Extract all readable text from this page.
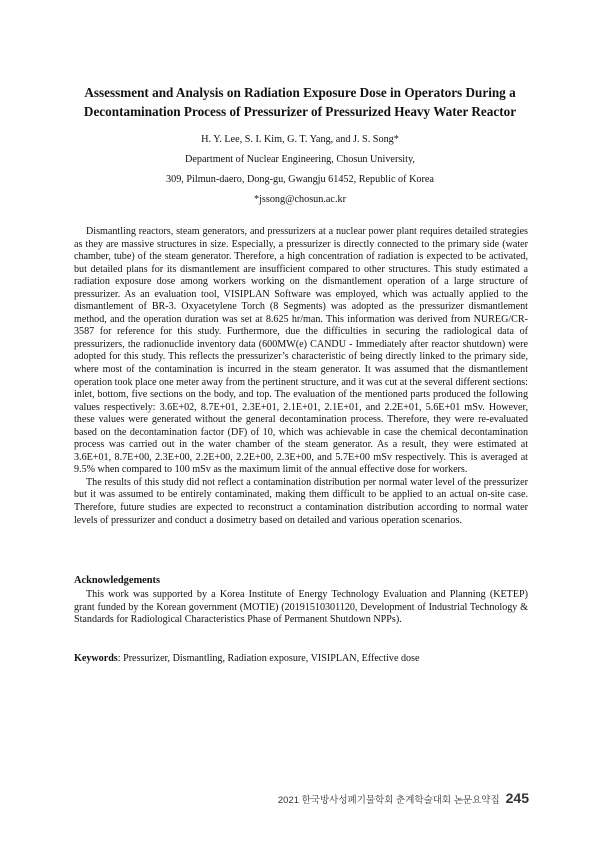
Assessment and Analysis on Radiation Exposure Dose in Operators During a
Decontamination Process of Pressurizer of Pressurized Heavy Water Reactor
H. Y. Lee, S. I. Kim, G. T. Yang, and J. S. Song*
Department of Nuclear Engineering, Chosun University,
309, Pilmun-daero, Dong-gu, Gwangju 61452, Republic of Korea
*jssong@chosun.ac.kr

Dismantling reactors, steam generators, and pressurizers at a nuclear power plant requires detailed strategies as they are massive structures in size. Especially, a pressurizer is directly connected to the primary side (water chamber, tube) of the steam generator. Therefore, a high concentration of radiation is expected to be activated, but detailed plans for its dismantlement are insufficient compared to other structures. This study estimated a radiation exposure dose among workers working on the dismantlement operation of a large structure of pressurizer. As an evaluation tool, VISIPLAN Software was employed, which was actually applied to the dismantlement of BR-3. Oxyacetylene Torch (8 Segments) was adopted as the pressurizer dismantlement method, and the operation duration was set at 8.625 hr/man. This information was derived from NUREG/CR-3587 for reference for this study. Furthermore, due the difficulties in securing the radiological data of pressurizers, the radionuclide inventory data (600MW(e) CANDU - Immediately after reactor shutdown) were adopted for this study. This reflects the pressurizer’s characteristic of being directly linked to the primary side, where most of the contamination is incurred in the steam generator. It was assumed that the dismantlement operation took place one meter away from the pertinent structure, and it was cut at the several different sections: inlet, bottom, five sections on the body, and top. The evaluation of the mentioned parts produced the following values respectively: 3.6E+02, 8.7E+01, 2.3E+01, 2.1E+01, 2.1E+01, and 2.2E+01, 5.6E+01 mSv. However, these values were generated without the general decontamination process. Therefore, they were re-evaluated based on the decontamination factor (DF) of 10, which was achievable in case the chemical decontamination process was carried out in the water chamber of the steam generator. As a result, they were estimated at 3.6E+01, 8.7E+00, 2.3E+00, 2.2E+00, 2.2E+00, 2.3E+00, and 5.7E+00 mSv respectively. This is averaged at 9.5% when compared to 100 mSv as the maximum limit of the annual effective dose for workers.

The results of this study did not reflect a contamination distribution per normal water level of the pressurizer but it was assumed to be entirely contaminated, making them difficult to be applied to an actual on-site case. Therefore, future studies are expected to reconstruct a contamination distribution according to normal water levels of pressurizer and conduct a dosimetry based on detailed and various operation scenarios.

Acknowledgements
This work was supported by a Korea Institute of Energy Technology Evaluation and Planning (KETEP) grant funded by the Korean government (MOTIE) (20191510301120, Development of Industrial Technology & Standards for Radiological Characteristics Phase of Permanent Shutdown NPPs).
Keywords: Pressurizer, Dismantling, Radiation exposure, VISIPLAN, Effective dose
2021 한국방사성폐기물학회 춘계학술대회 논문요약집 245
